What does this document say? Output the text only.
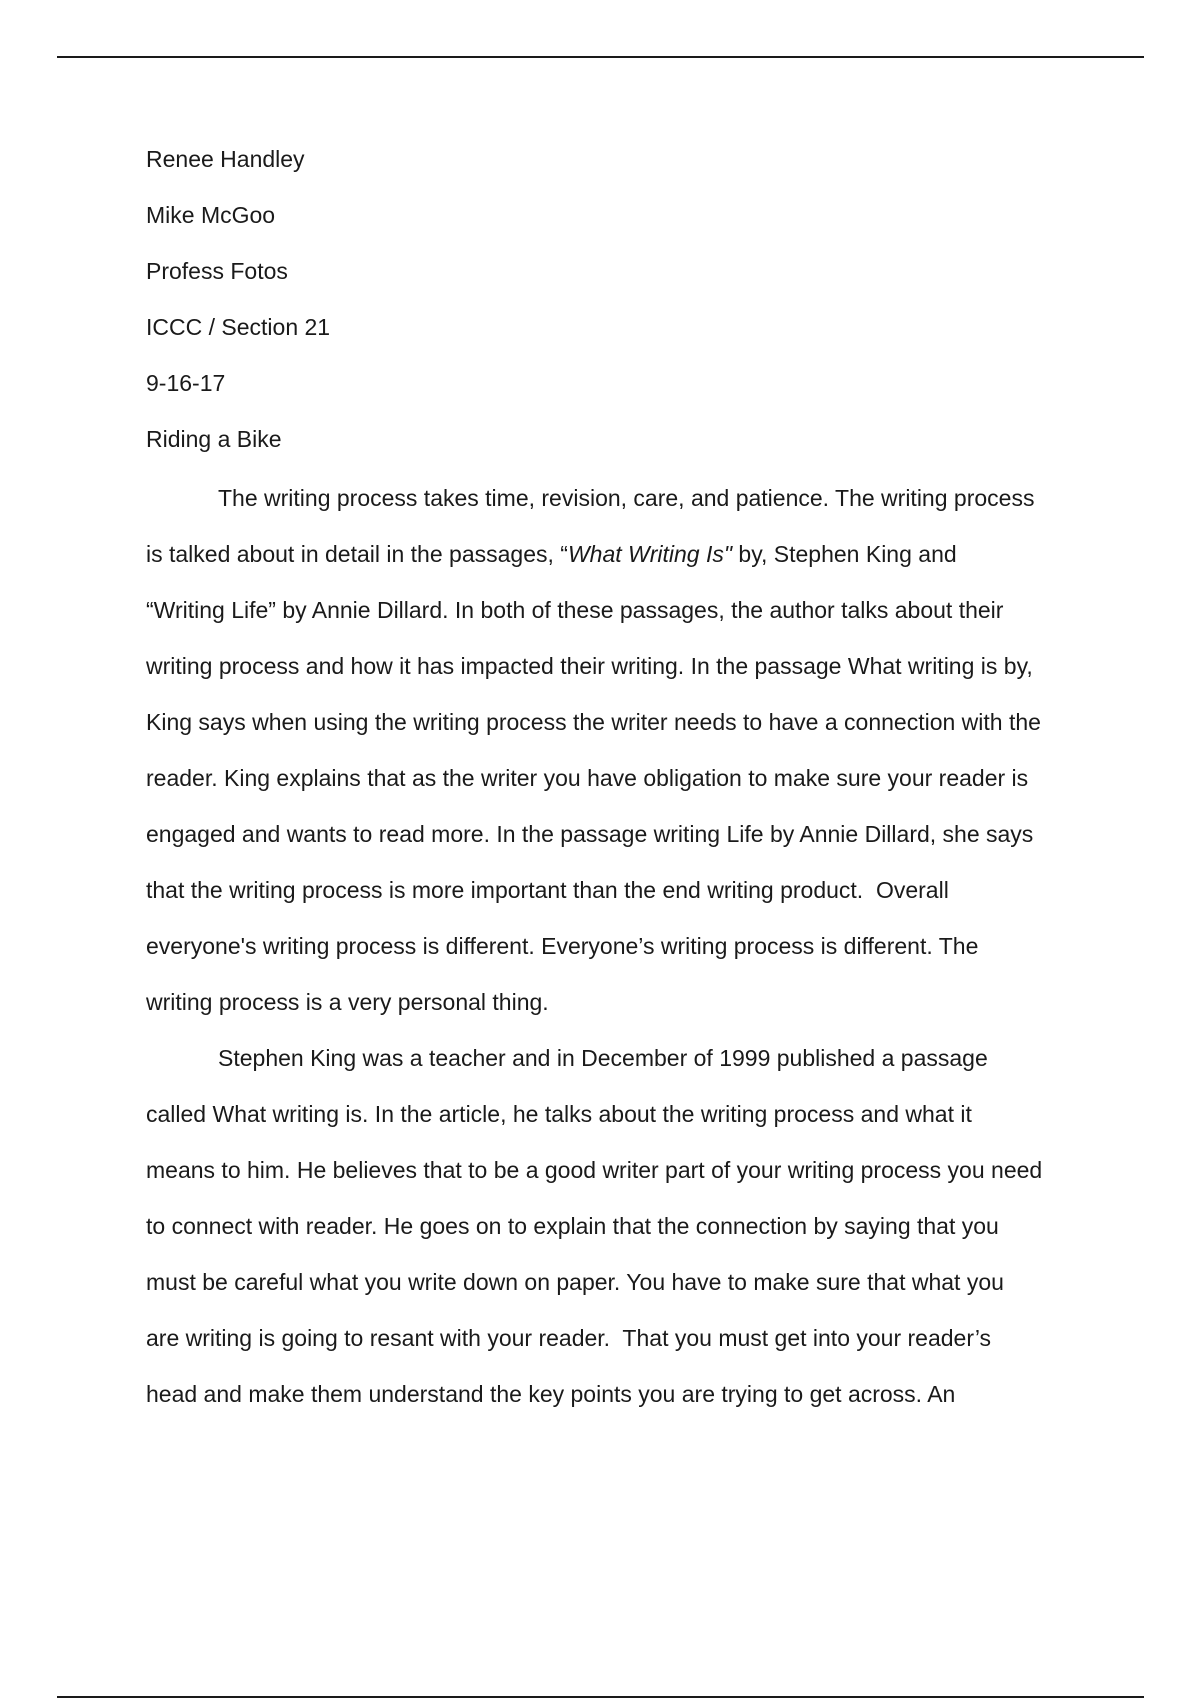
Renee Handley
Mike McGoo
Profess Fotos
ICCC / Section 21
9-16-17
Riding a Bike
The writing process takes time, revision, care, and patience. The writing process
is talked about in detail in the passages, “What Writing Is" by, Stephen King and
“Writing Life” by Annie Dillard. In both of these passages, the author talks about their
writing process and how it has impacted their writing. In the passage What writing is by,
King says when using the writing process the writer needs to have a connection with the
reader. King explains that as the writer you have obligation to make sure your reader is
engaged and wants to read more. In the passage writing Life by Annie Dillard, she says
that the writing process is more important than the end writing product.  Overall
everyone's writing process is different. Everyone’s writing process is different. The
writing process is a very personal thing.
Stephen King was a teacher and in December of 1999 published a passage
called What writing is. In the article, he talks about the writing process and what it
means to him. He believes that to be a good writer part of your writing process you need
to connect with reader. He goes on to explain that the connection by saying that you
must be careful what you write down on paper. You have to make sure that what you
are writing is going to resant with your reader.  That you must get into your reader’s
head and make them understand the key points you are trying to get across. An
